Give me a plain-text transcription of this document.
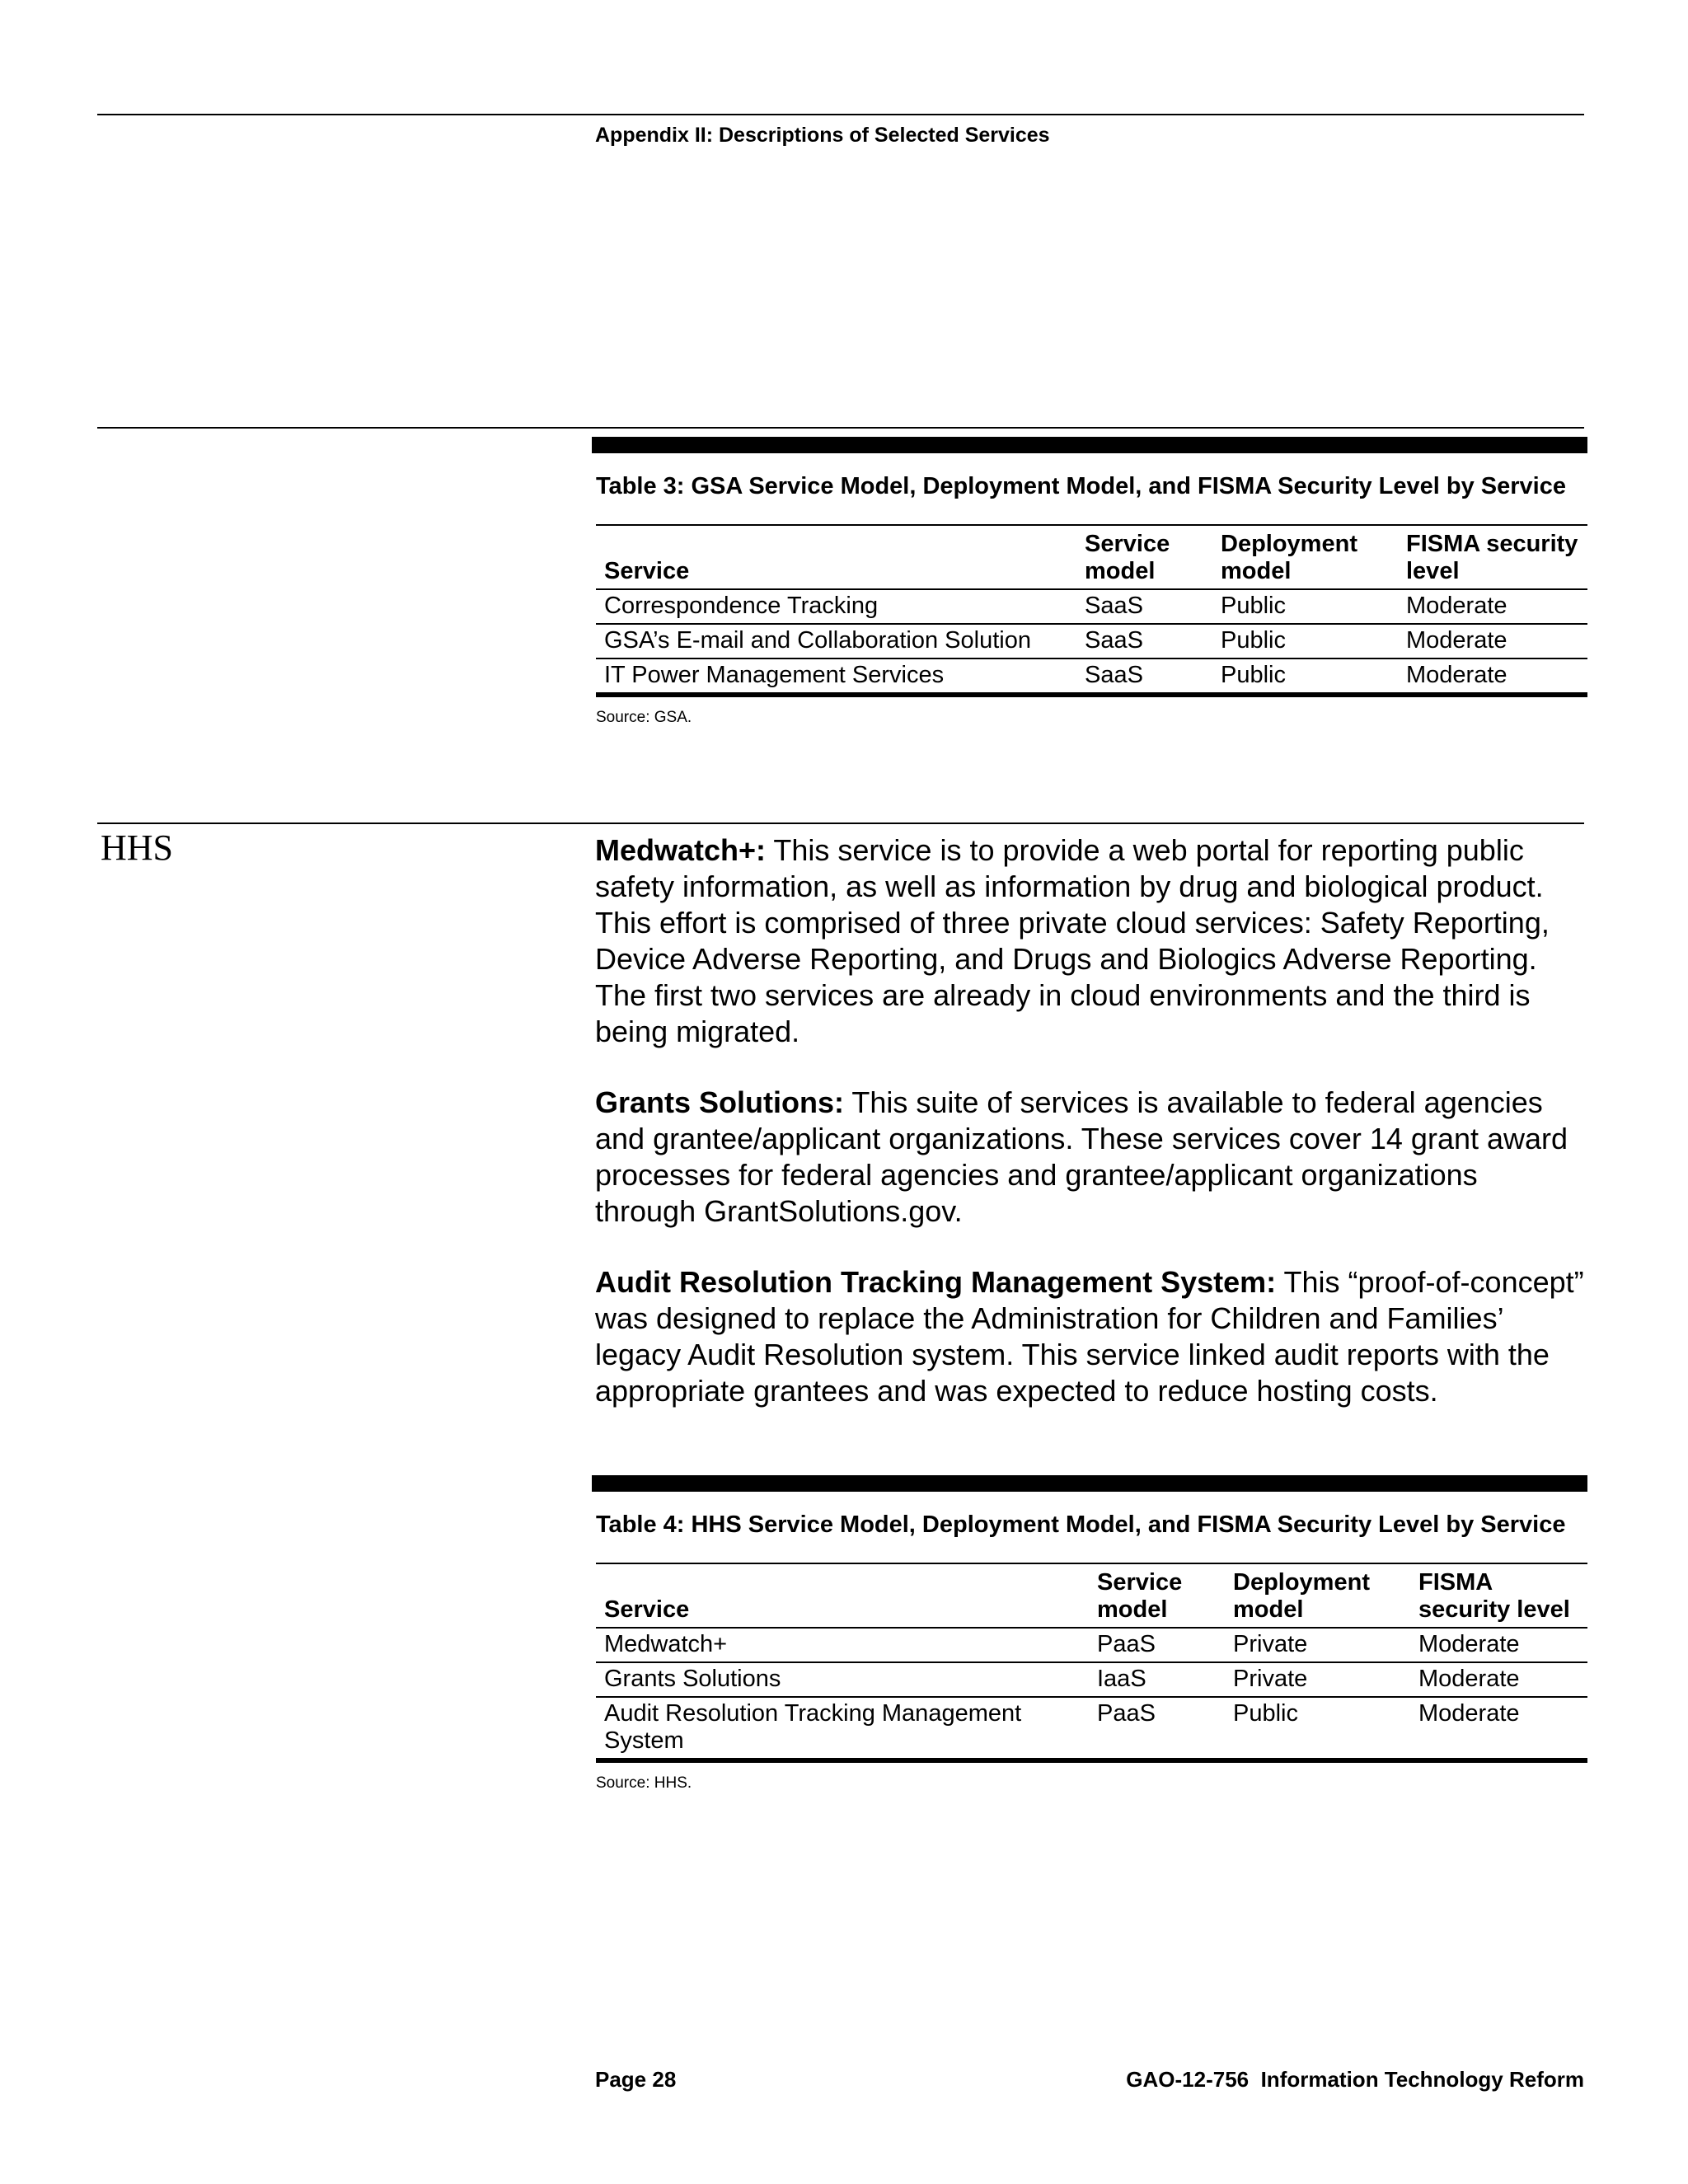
Appendix II: Descriptions of Selected Services
Table 3: GSA Service Model, Deployment Model, and FISMA Security Level by Service
Service	Service model	Deployment model	FISMA security level
Correspondence Tracking	SaaS	Public	Moderate
GSA’s E-mail and Collaboration Solution	SaaS	Public	Moderate
IT Power Management Services	SaaS	Public	Moderate
Source: GSA.
HHS	Medwatch+: This service is to provide a web portal for reporting public safety information, as well as information by drug and biological product. This effort is comprised of three private cloud services: Safety Reporting, Device Adverse Reporting, and Drugs and Biologics Adverse Reporting. The first two services are already in cloud environments and the third is being migrated.

Grants Solutions: This suite of services is available to federal agencies and grantee/applicant organizations. These services cover 14 grant award processes for federal agencies and grantee/applicant organizations through GrantSolutions.gov.

Audit Resolution Tracking Management System: This “proof-of-concept” was designed to replace the Administration for Children and Families’ legacy Audit Resolution system. This service linked audit reports with the appropriate grantees and was expected to reduce hosting costs.

Table 4: HHS Service Model, Deployment Model, and FISMA Security Level by Service
Service	Service model	Deployment model	FISMA security level
Medwatch+	PaaS	Private	Moderate
Grants Solutions	IaaS	Private	Moderate
Audit Resolution Tracking Management System	PaaS	Public	Moderate
Source: HHS.
Page 28	GAO-12-756  Information Technology Reform
